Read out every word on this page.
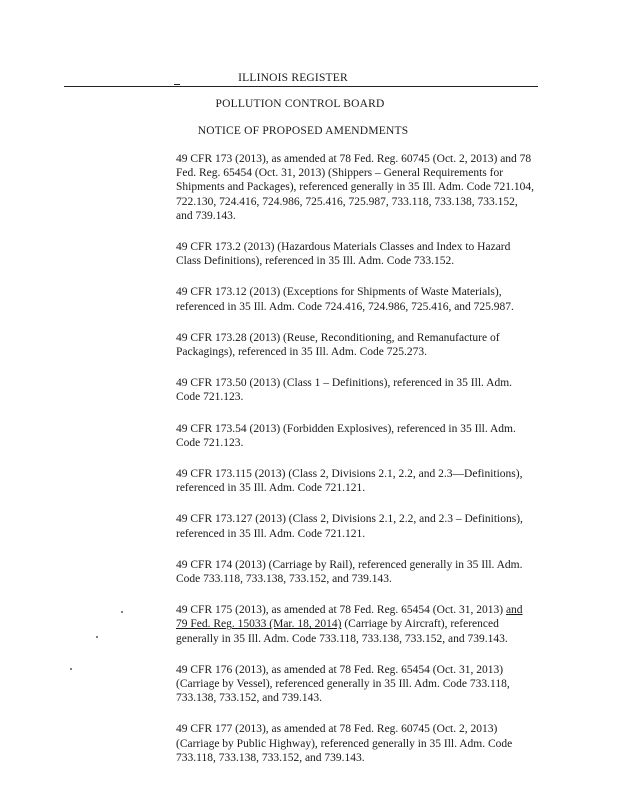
ILLINOIS REGISTER
POLLUTION CONTROL BOARD
NOTICE OF PROPOSED AMENDMENTS

49 CFR 173 (2013), as amended at 78 Fed. Reg. 60745 (Oct. 2, 2013) and 78 Fed. Reg. 65454 (Oct. 31, 2013) (Shippers – General Requirements for Shipments and Packages), referenced generally in 35 Ill. Adm. Code 721.104, 722.130, 724.416, 724.986, 725.416, 725.987, 733.118, 733.138, 733.152, and 739.143.

49 CFR 173.2 (2013) (Hazardous Materials Classes and Index to Hazard Class Definitions), referenced in 35 Ill. Adm. Code 733.152.

49 CFR 173.12 (2013) (Exceptions for Shipments of Waste Materials), referenced in 35 Ill. Adm. Code 724.416, 724.986, 725.416, and 725.987.

49 CFR 173.28 (2013) (Reuse, Reconditioning, and Remanufacture of Packagings), referenced in 35 Ill. Adm. Code 725.273.

49 CFR 173.50 (2013) (Class 1 – Definitions), referenced in 35 Ill. Adm. Code 721.123.

49 CFR 173.54 (2013) (Forbidden Explosives), referenced in 35 Ill. Adm. Code 721.123.

49 CFR 173.115 (2013) (Class 2, Divisions 2.1, 2.2, and 2.3—Definitions), referenced in 35 Ill. Adm. Code 721.121.

49 CFR 173.127 (2013) (Class 2, Divisions 2.1, 2.2, and 2.3 – Definitions), referenced in 35 Ill. Adm. Code 721.121.

49 CFR 174 (2013) (Carriage by Rail), referenced generally in 35 Ill. Adm. Code 733.118, 733.138, 733.152, and 739.143.

49 CFR 175 (2013), as amended at 78 Fed. Reg. 65454 (Oct. 31, 2013) and 79 Fed. Reg. 15033 (Mar. 18, 2014) (Carriage by Aircraft), referenced generally in 35 Ill. Adm. Code 733.118, 733.138, 733.152, and 739.143.

49 CFR 176 (2013), as amended at 78 Fed. Reg. 65454 (Oct. 31, 2013) (Carriage by Vessel), referenced generally in 35 Ill. Adm. Code 733.118, 733.138, 733.152, and 739.143.

49 CFR 177 (2013), as amended at 78 Fed. Reg. 60745 (Oct. 2, 2013) (Carriage by Public Highway), referenced generally in 35 Ill. Adm. Code 733.118, 733.138, 733.152, and 739.143.
